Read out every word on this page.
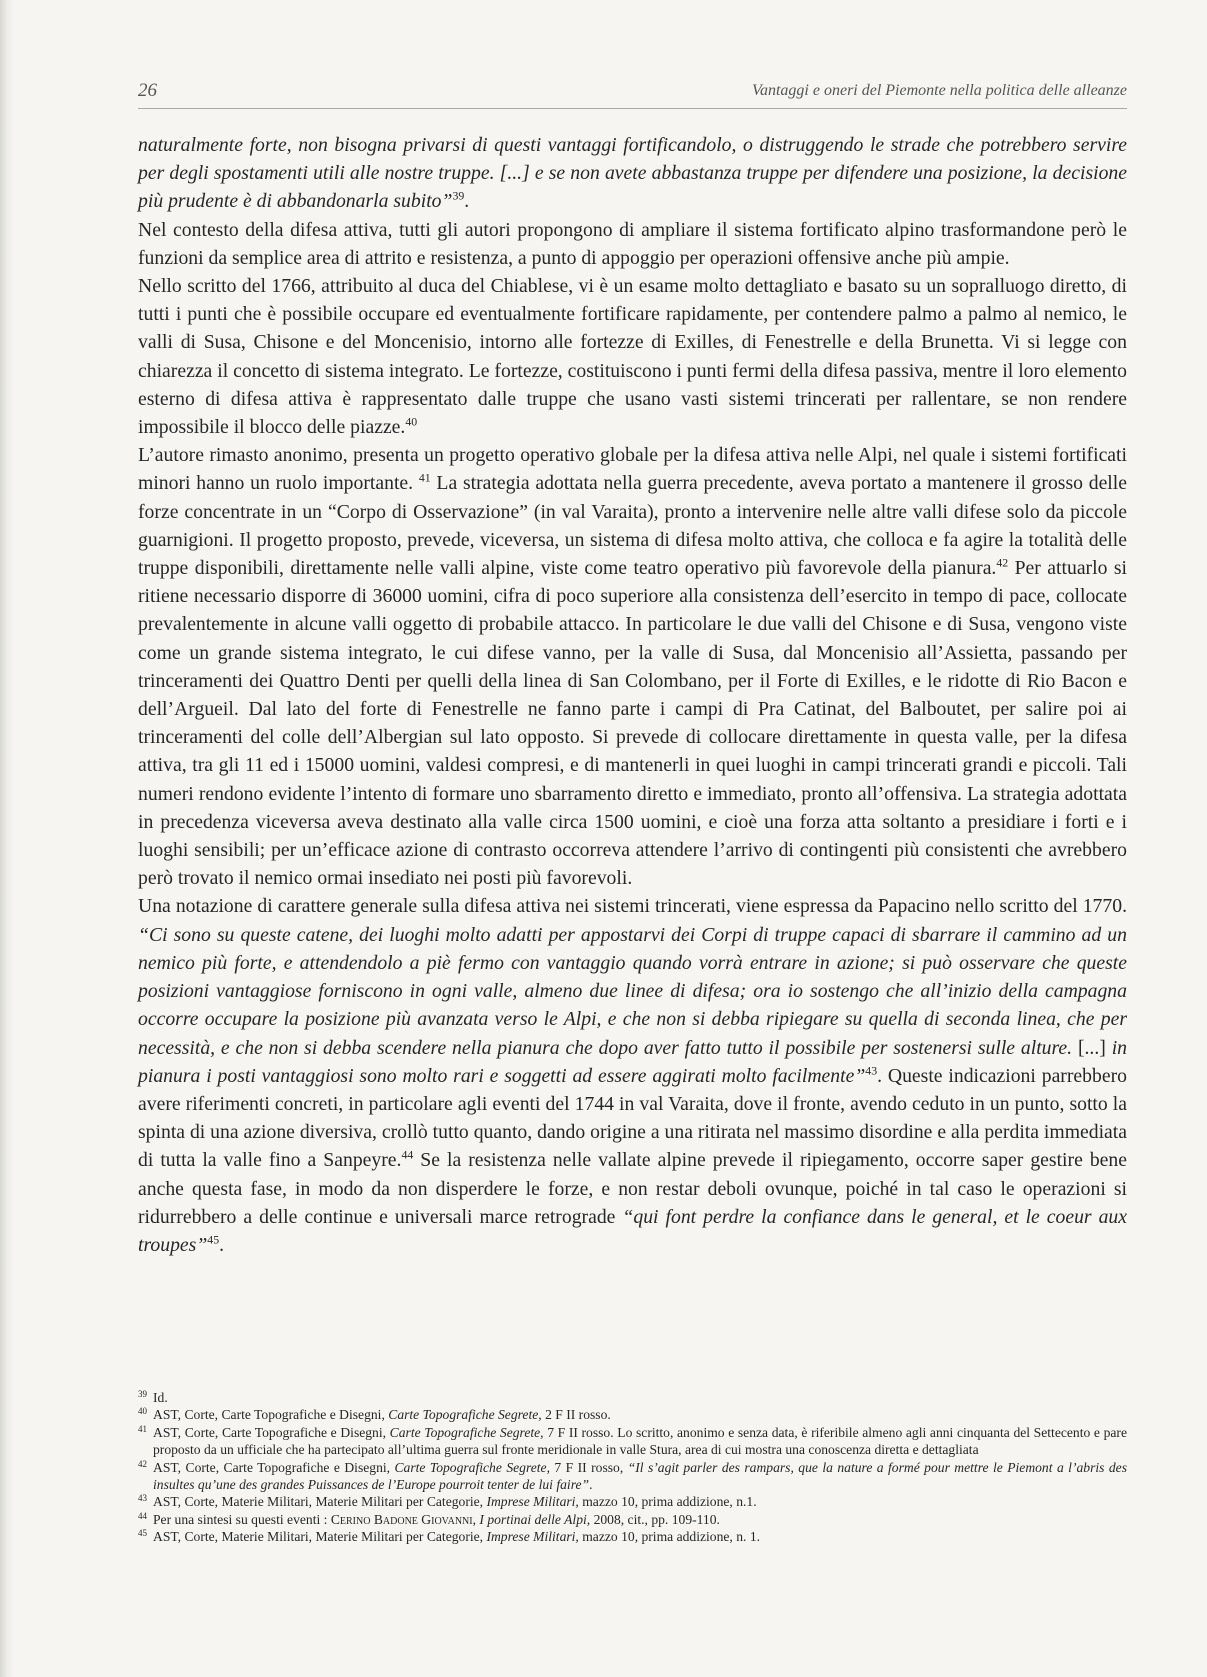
26	Vantaggi e oneri del Piemonte nella politica delle alleanze

naturalmente forte, non bisogna privarsi di questi vantaggi fortificandolo, o distruggendo le strade che potrebbero servire per degli spostamenti utili alle nostre truppe. [...] e se non avete abbastanza truppe per difendere una posizione, la decisione più prudente è di abbandonarla subito”$^{39}$.

Nel contesto della difesa attiva, tutti gli autori propongono di ampliare il sistema fortificato alpino trasformandone però le funzioni da semplice area di attrito e resistenza, a punto di appoggio per operazioni offensive anche più ampie.

Nello scritto del 1766, attribuito al duca del Chiablese, vi è un esame molto dettagliato e basato su un sopralluogo diretto, di tutti i punti che è possibile occupare ed eventualmente fortificare rapidamente, per contendere palmo a palmo al nemico, le valli di Susa, Chisone e del Moncenisio, intorno alle fortezze di Exilles, di Fenestrelle e della Brunetta. Vi si legge con chiarezza il concetto di sistema integrato. Le fortezze, costituiscono i punti fermi della difesa passiva, mentre il loro elemento esterno di difesa attiva è rappresentato dalle truppe che usano vasti sistemi trincerati per rallentare, se non rendere impossibile il blocco delle piazze.$^{40}$

L’autore rimasto anonimo, presenta un progetto operativo globale per la difesa attiva nelle Alpi, nel quale i sistemi fortificati minori hanno un ruolo importante. $^{41}$ La strategia adottata nella guerra precedente, aveva portato a mantenere il grosso delle forze concentrate in un “Corpo di Osservazione” (in val Varaita), pronto a intervenire nelle altre valli difese solo da piccole guarnigioni. Il progetto proposto, prevede, viceversa, un sistema di difesa molto attiva, che colloca e fa agire la totalità delle truppe disponibili, direttamente nelle valli alpine, viste come teatro operativo più favorevole della pianura.$^{42}$ Per attuarlo si ritiene necessario disporre di 36000 uomini, cifra di poco superiore alla consistenza dell’esercito in tempo di pace, collocate prevalentemente in alcune valli oggetto di probabile attacco. In particolare le due valli del Chisone e di Susa, vengono viste come un grande sistema integrato, le cui difese vanno, per la valle di Susa, dal Moncenisio all’Assietta, passando per trinceramenti dei Quattro Denti per quelli della linea di San Colombano, per il Forte di Exilles, e le ridotte di Rio Bacon e dell’Argueil. Dal lato del forte di Fenestrelle ne fanno parte i campi di Pra Catinat, del Balboutet, per salire poi ai trinceramenti del colle dell’Albergian sul lato opposto. Si prevede di collocare direttamente in questa valle, per la difesa attiva, tra gli 11 ed i 15000 uomini, valdesi compresi, e di mantenerli in quei luoghi in campi trincerati grandi e piccoli. Tali numeri rendono evidente l’intento di formare uno sbarramento diretto e immediato, pronto all’offensiva. La strategia adottata in precedenza viceversa aveva destinato alla valle circa 1500 uomini, e cioè una forza atta soltanto a presidiare i forti e i luoghi sensibili; per un’efficace azione di contrasto occorreva attendere l’arrivo di contingenti più consistenti che avrebbero però trovato il nemico ormai insediato nei posti più favorevoli.

Una notazione di carattere generale sulla difesa attiva nei sistemi trincerati, viene espressa da Papacino nello scritto del 1770. “Ci sono su queste catene, dei luoghi molto adatti per appostarvi dei Corpi di truppe capaci di sbarrare il cammino ad un nemico più forte, e attendendolo a piè fermo con vantaggio quando vorrà entrare in azione; si può osservare che queste posizioni vantaggiose forniscono in ogni valle, almeno due linee di difesa; ora io sostengo che all’inizio della campagna occorre occupare la posizione più avanzata verso le Alpi, e che non si debba ripiegare su quella di seconda linea, che per necessità, e che non si debba scendere nella pianura che dopo aver fatto tutto il possibile per sostenersi sulle alture. [...] in pianura i posti vantaggiosi sono molto rari e soggetti ad essere aggirati molto facilmente”$^{43}$. Queste indicazioni parrebbero avere riferimenti concreti, in particolare agli eventi del 1744 in val Varaita, dove il fronte, avendo ceduto in un punto, sotto la spinta di una azione diversiva, crollò tutto quanto, dando origine a una ritirata nel massimo disordine e alla perdita immediata di tutta la valle fino a Sanpeyre.$^{44}$ Se la resistenza nelle vallate alpine prevede il ripiegamento, occorre saper gestire bene anche questa fase, in modo da non disperdere le forze, e non restar deboli ovunque, poiché in tal caso le operazioni si ridurrebbero a delle continue e universali marce retrograde “qui font perdre la confiance dans le general, et le coeur aux troupes”$^{45}$.

39 Id.

40 AST, Corte, Carte Topografiche e Disegni, Carte Topografiche Segrete, 2 F II rosso.

41 AST, Corte, Carte Topografiche e Disegni, Carte Topografiche Segrete, 7 F II rosso. Lo scritto, anonimo e senza data, è riferibile almeno agli anni cinquanta del Settecento e pare proposto da un ufficiale che ha partecipato all’ultima guerra sul fronte meridionale in valle Stura, area di cui mostra una conoscenza diretta e dettagliata

42 AST, Corte, Carte Topografiche e Disegni, Carte Topografiche Segrete, 7 F II rosso, “Il s’agit parler des rampars, que la nature a formé pour mettre le Piemont a l’abris des insultes qu’une des grandes Puissances de l’Europe pourroit tenter de lui faire”.

43 AST, Corte, Materie Militari, Materie Militari per Categorie, Imprese Militari, mazzo 10, prima addizione, n.1.

44 Per una sintesi su questi eventi : Cerino Badone Giovanni, I portinai delle Alpi, 2008, cit., pp. 109-110.

45 AST, Corte, Materie Militari, Materie Militari per Categorie, Imprese Militari, mazzo 10, prima addizione, n. 1.
